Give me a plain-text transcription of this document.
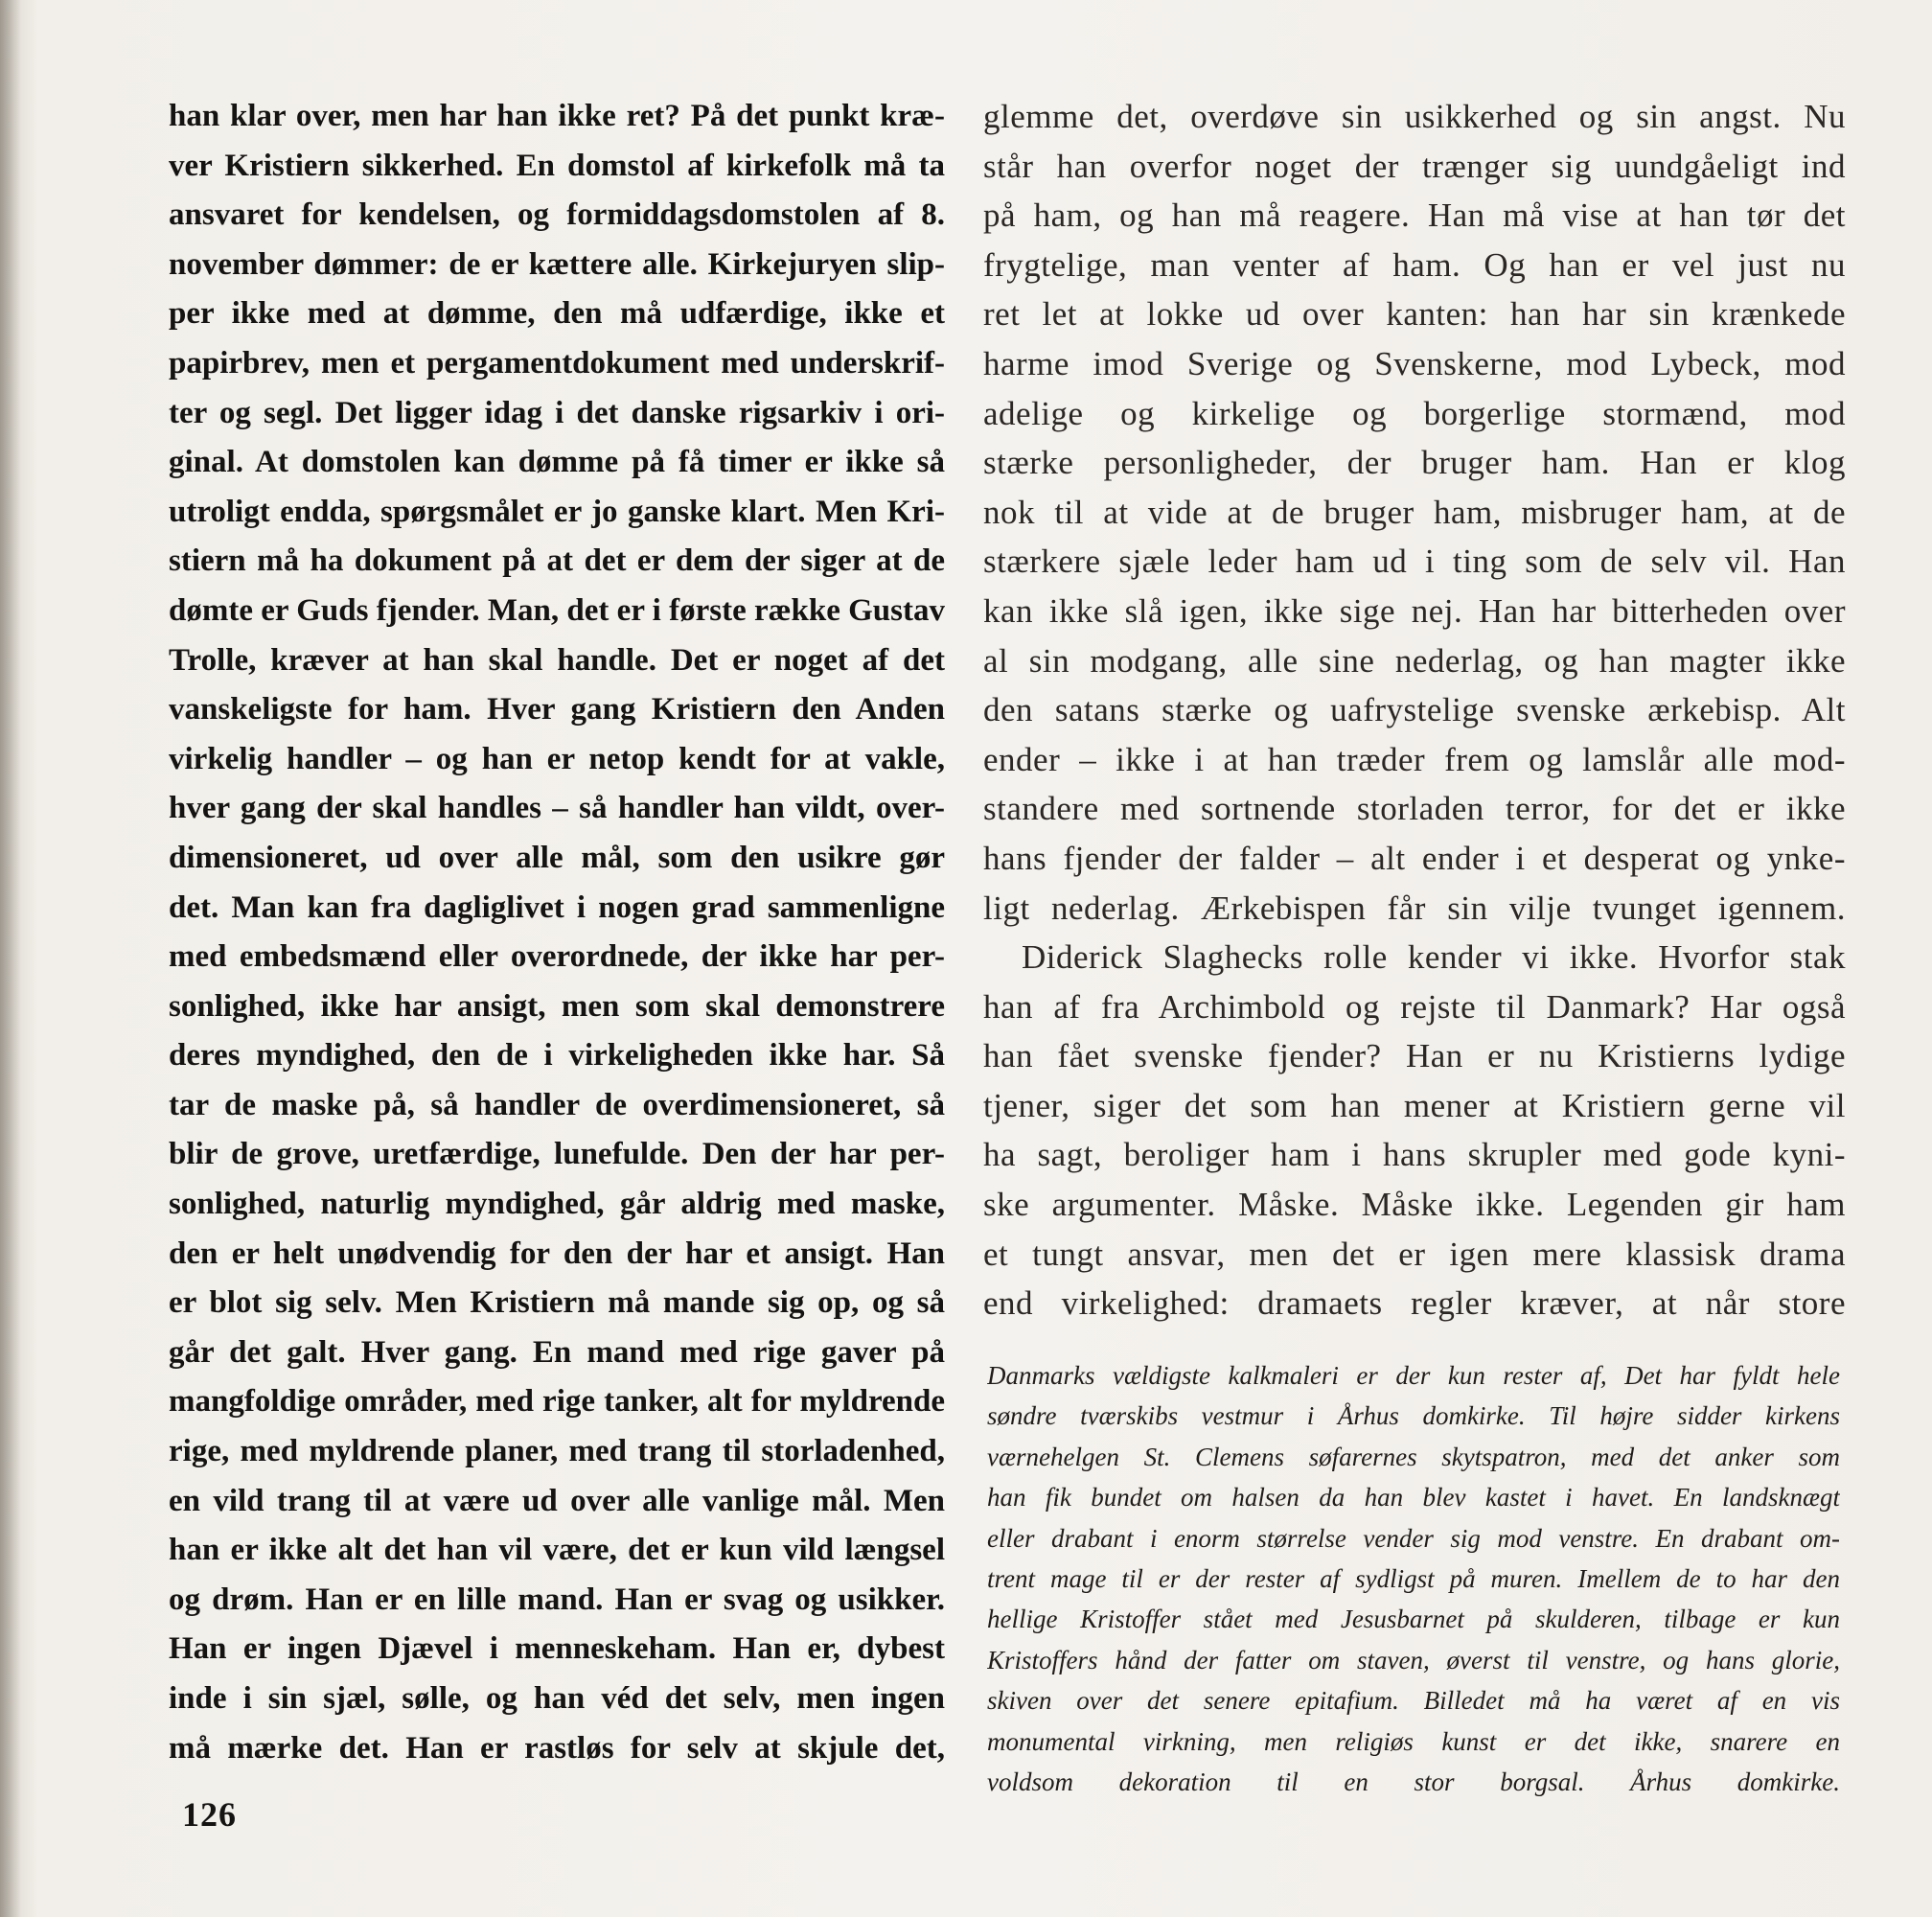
han klar over, men har han ikke ret? På det punkt kræ-
ver Kristiern sikkerhed. En domstol af kirkefolk må ta
ansvaret for kendelsen, og formiddagsdomstolen af 8.
november dømmer: de er kættere alle. Kirkejuryen slip-
per ikke med at dømme, den må udfærdige, ikke et
papirbrev, men et pergamentdokument med underskrif-
ter og segl. Det ligger idag i det danske rigsarkiv i ori-
ginal. At domstolen kan dømme på få timer er ikke så
utroligt endda, spørgsmålet er jo ganske klart. Men Kri-
stiern må ha dokument på at det er dem der siger at de
dømte er Guds fjender. Man, det er i første række Gustav
Trolle, kræver at han skal handle. Det er noget af det
vanskeligste for ham. Hver gang Kristiern den Anden
virkelig handler – og han er netop kendt for at vakle,
hver gang der skal handles – så handler han vildt, over-
dimensioneret, ud over alle mål, som den usikre gør
det. Man kan fra dagliglivet i nogen grad sammenligne
med embedsmænd eller overordnede, der ikke har per-
sonlighed, ikke har ansigt, men som skal demonstrere
deres myndighed, den de i virkeligheden ikke har. Så
tar de maske på, så handler de overdimensioneret, så
blir de grove, uretfærdige, lunefulde. Den der har per-
sonlighed, naturlig myndighed, går aldrig med maske,
den er helt unødvendig for den der har et ansigt. Han
er blot sig selv. Men Kristiern må mande sig op, og så
går det galt. Hver gang. En mand med rige gaver på
mangfoldige områder, med rige tanker, alt for myldrende
rige, med myldrende planer, med trang til storladenhed,
en vild trang til at være ud over alle vanlige mål. Men
han er ikke alt det han vil være, det er kun vild længsel
og drøm. Han er en lille mand. Han er svag og usikker.
Han er ingen Djævel i menneskeham. Han er, dybest
inde i sin sjæl, sølle, og han véd det selv, men ingen
må mærke det. Han er rastløs for selv at skjule det,
glemme det, overdøve sin usikkerhed og sin angst. Nu
står han overfor noget der trænger sig uundgåeligt ind
på ham, og han må reagere. Han må vise at han tør det
frygtelige, man venter af ham. Og han er vel just nu
ret let at lokke ud over kanten: han har sin krænkede
harme imod Sverige og Svenskerne, mod Lybeck, mod
adelige og kirkelige og borgerlige stormænd, mod
stærke personligheder, der bruger ham. Han er klog
nok til at vide at de bruger ham, misbruger ham, at de
stærkere sjæle leder ham ud i ting som de selv vil. Han
kan ikke slå igen, ikke sige nej. Han har bitterheden over
al sin modgang, alle sine nederlag, og han magter ikke
den satans stærke og uafrystelige svenske ærkebisp. Alt
ender – ikke i at han træder frem og lamslår alle mod-
standere med sortnende storladen terror, for det er ikke
hans fjender der falder – alt ender i et desperat og ynke-
ligt nederlag. Ærkebispen får sin vilje tvunget igennem.
Diderick Slaghecks rolle kender vi ikke. Hvorfor stak
han af fra Archimbold og rejste til Danmark? Har også
han fået svenske fjender? Han er nu Kristierns lydige
tjener, siger det som han mener at Kristiern gerne vil
ha sagt, beroliger ham i hans skrupler med gode kyni-
ske argumenter. Måske. Måske ikke. Legenden gir ham
et tungt ansvar, men det er igen mere klassisk drama
end virkelighed: dramaets regler kræver, at når store
Danmarks vældigste kalkmaleri er der kun rester af, Det har fyldt hele
søndre tværskibs vestmur i Århus domkirke. Til højre sidder kirkens
værnehelgen St. Clemens søfarernes skytspatron, med det anker som
han fik bundet om halsen da han blev kastet i havet. En landsknægt
eller drabant i enorm størrelse vender sig mod venstre. En drabant om-
trent mage til er der rester af sydligst på muren. Imellem de to har den
hellige Kristoffer stået med Jesusbarnet på skulderen, tilbage er kun
Kristoffers hånd der fatter om staven, øverst til venstre, og hans glorie,
skiven over det senere epitafium. Billedet må ha været af en vis
monumental virkning, men religiøs kunst er det ikke, snarere en
voldsom dekoration til en stor borgsal. Århus domkirke.
126
